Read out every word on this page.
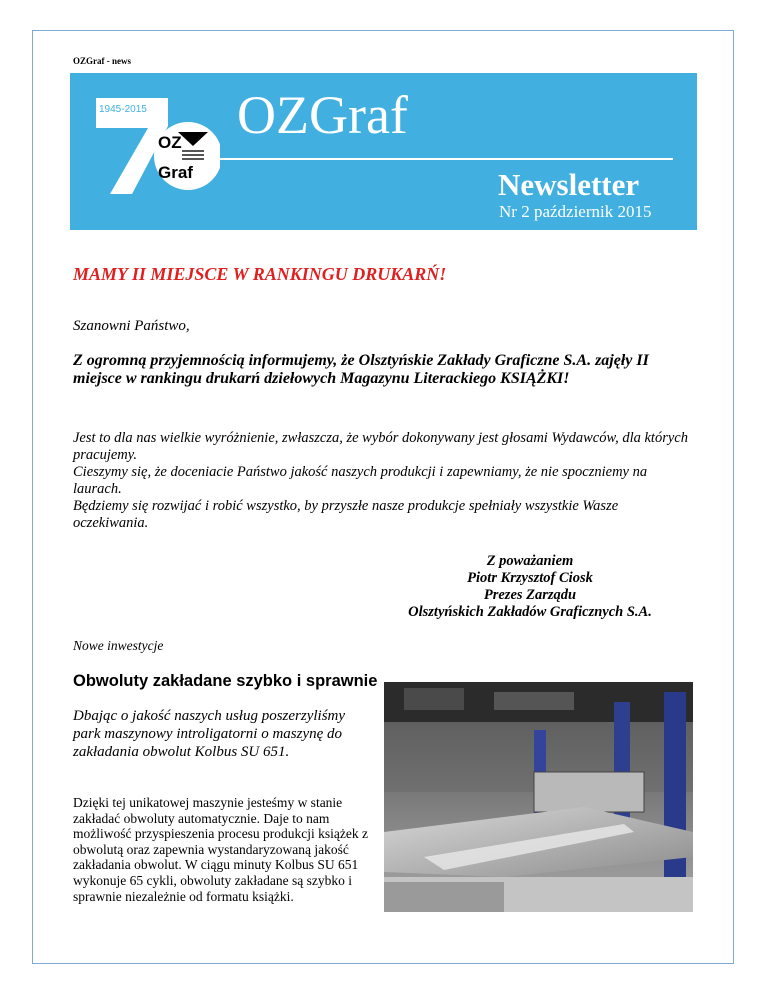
OZGraf - news
1945-2015
OZ
Graf
OZGraf
Newsletter
Nr 2 październik 2015
MAMY II MIEJSCE W RANKINGU DRUKARŃ!
Szanowni Państwo,
Z ogromną przyjemnością informujemy, że Olsztyńskie Zakłady Graficzne S.A. zajęły II miejsce w rankingu drukarń dziełowych Magazynu Literackiego KSIĄŻKI!

Jest to dla nas wielkie wyróżnienie, zwłaszcza, że wybór dokonywany jest głosami Wydawców, dla których pracujemy.

Cieszymy się, że doceniacie Państwo jakość naszych produkcji i zapewniamy, że nie spoczniemy na laurach.

Będziemy się rozwijać i robić wszystko, by przyszłe nasze produkcje spełniały wszystkie Wasze oczekiwania.

Z poważaniem
Piotr Krzysztof Ciosk
Prezes Zarządu
Olsztyńskich Zakładów Graficznych S.A.
Nowe inwestycje
Obwoluty zakładane szybko i sprawnie
Dbając o jakość naszych usług poszerzyliśmy park maszynowy introligatorni o maszynę do zakładania obwolut Kolbus SU 651.
Dzięki tej unikatowej maszynie jesteśmy w stanie zakładać obwoluty automatycznie. Daje to nam możliwość przyspieszenia procesu produkcji książek z obwolutą oraz zapewnia wystandaryzowaną jakość zakładania obwolut. W ciągu minuty Kolbus SU 651 wykonuje 65 cykli, obwoluty zakładane są szybko i sprawnie niezależnie od formatu książki.
